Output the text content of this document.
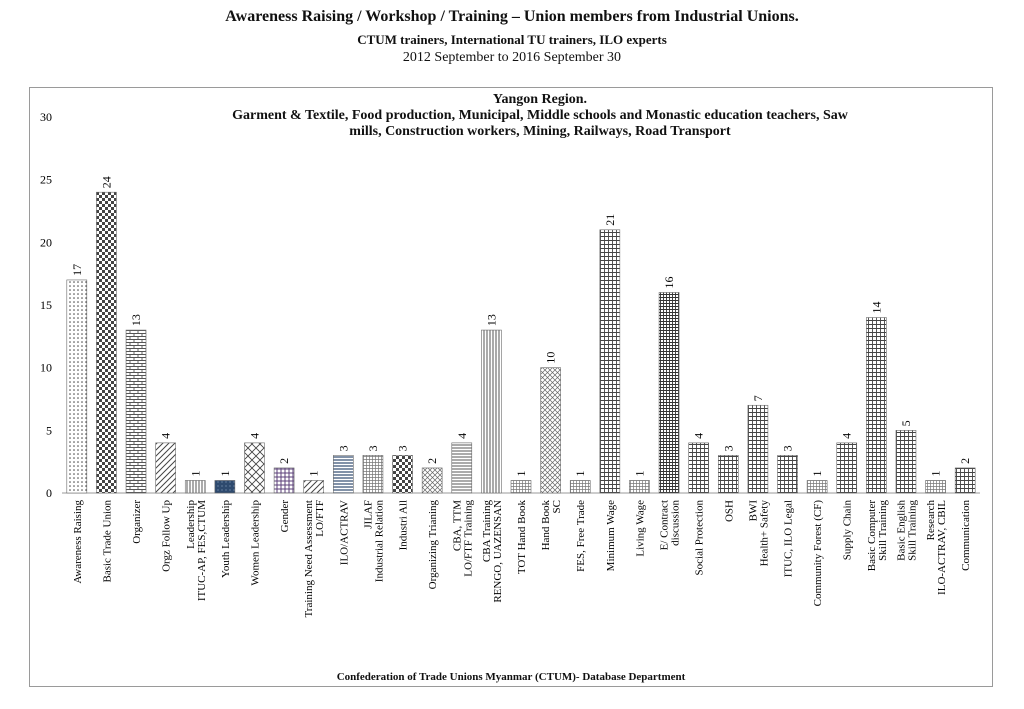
Awareness Raising / Workshop / Training – Union members from Industrial Unions.
CTUM trainers, International TU trainers, ILO experts
2012 September to 2016 September 30
Yangon Region.
Garment & Textile, Food production, Municipal, Middle schools and Monastic education teachers, Saw
mills, Construction workers, Mining, Railways, Road Transport
0
5
10
15
20
25
30
17
24
13
4
1 1
4
2
1
3 3 3
2
4
13
1
10
1
21
1
16
4
3
7
3
1
4
14
5
1
2
Awareness Raising Basic Trade Union Organizer Orgz Follow Up Leadership ITUC-AP, FES,CTUM Youth Leadership Women Leadership Gender Training Need Assessment LO/FTF ILO/ACTRAV JILAF Industrial Relation Industri All Organizing Trianing CBA, TTM LO/FTF Training CBA Training RENGO, UAZENSAN TOT Hand Book Hand Book SC FES, Free Trade Minimum Wage Living Wage E/ Contract discussion Social Protection OSH BWI Health+ Safety ITUC, ILO Legal Community Forest (CF) Supply Chain Basic Computer Skill Training Basic English Skill Training Research ILO-ACTRAV, CBIL Communication
Confederation of Trade Unions Myanmar (CTUM)- Database Department
